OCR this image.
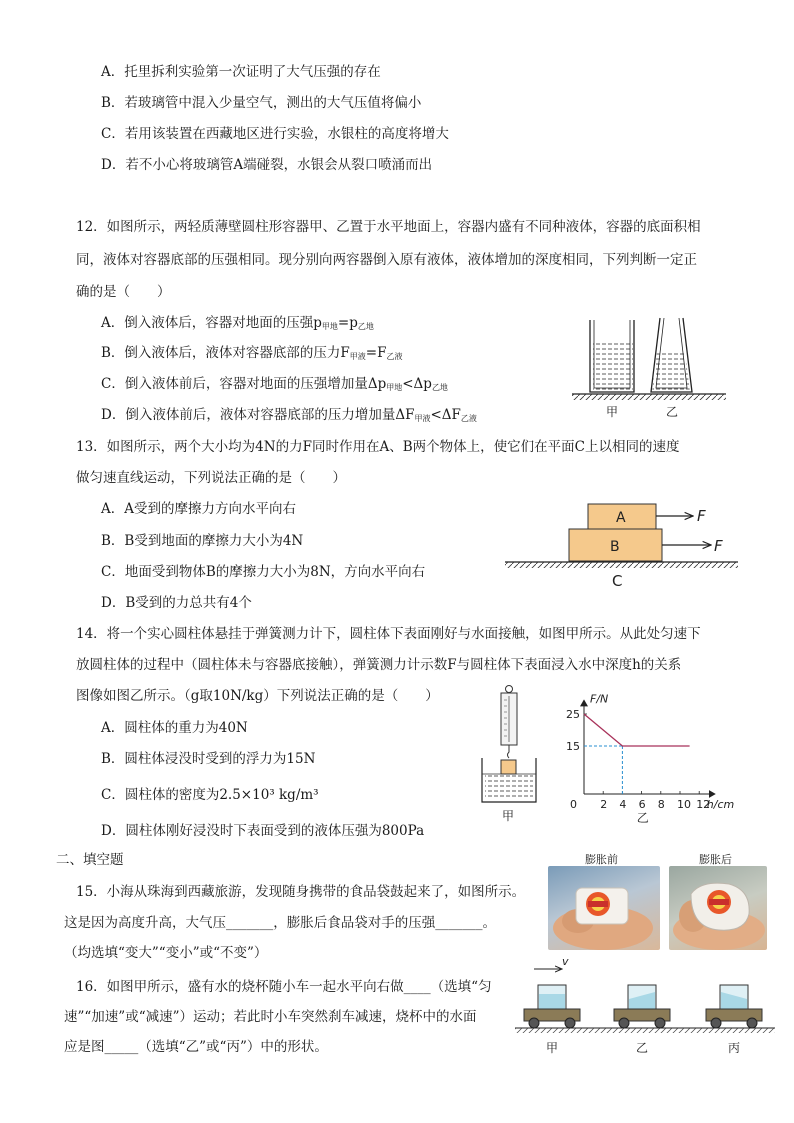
A．托里拆利实验第一次证明了大气压强的存在
B．若玻璃管中混入少量空气，测出的大气压值将偏小
C．若用该装置在西藏地区进行实验，水银柱的高度将增大
D．若不小心将玻璃管A端碰裂，水银会从裂口喷涌而出
12．如图所示，两轻质薄壁圆柱形容器甲、乙置于水平地面上，容器内盛有不同种液体，容器的底面积相
同，液体对容器底部的压强相同。现分别向两容器倒入原有液体，液体增加的深度相同，下列判断一定正
确的是（　　）
A．倒入液体后，容器对地面的压强$p_{甲地}=p_{乙地}$
B．倒入液体后，液体对容器底部的压力$F_{甲液}=F_{乙液}$
C．倒入液体前后，容器对地面的压强增加量$\Delta p_{甲地}<\Delta p_{乙地}$
D．倒入液体前后，液体对容器底部的压力增加量$\Delta F_{甲液}<\Delta F_{乙液}$	甲	乙
13．如图所示，两个大小均为4N的力F同时作用在A、B两个物体上，使它们在平面C上以相同的速度
做匀速直线运动，下列说法正确的是（　　）
A．A受到的摩擦力方向水平向右
B．B受到地面的摩擦力大小为4N
C．地面受到物体B的摩擦力大小为8N，方向水平向右
D．B受到的力总共有4个
A
B
F
F
C
14．将一个实心圆柱体悬挂于弹簧测力计下，圆柱体下表面刚好与水面接触，如图甲所示。从此处匀速下
放圆柱体的过程中（圆柱体未与容器底接触），弹簧测力计示数F与圆柱体下表面浸入水中深度h的关系
图像如图乙所示。（g取10N/kg）下列说法正确的是（　　）
A．圆柱体的重力为40N
B．圆柱体浸没时受到的浮力为15N
C．圆柱体的密度为2.5×10³ kg/m³
D．圆柱体刚好浸没时下表面受到的液体压强为800Pa
甲
F/N
h/cm
0 2 4 6 8 10 12
15
25
乙
二、填空题
15．小海从珠海到西藏旅游，发现随身携带的食品袋鼓起来了，如图所示。
这是因为高度升高，大气压_______，膨胀后食品袋对手的压强_______。
（均选填“变大”“变小”或“不变”）
膨胀前	膨胀后
16．如图甲所示，盛有水的烧杯随小车一起水平向右做____（选填“匀
速”“加速”或“减速”）运动；若此时小车突然刹车减速，烧杯中的水面
应是图_____（选填“乙”或“丙”）中的形状。
v
甲	乙	丙
